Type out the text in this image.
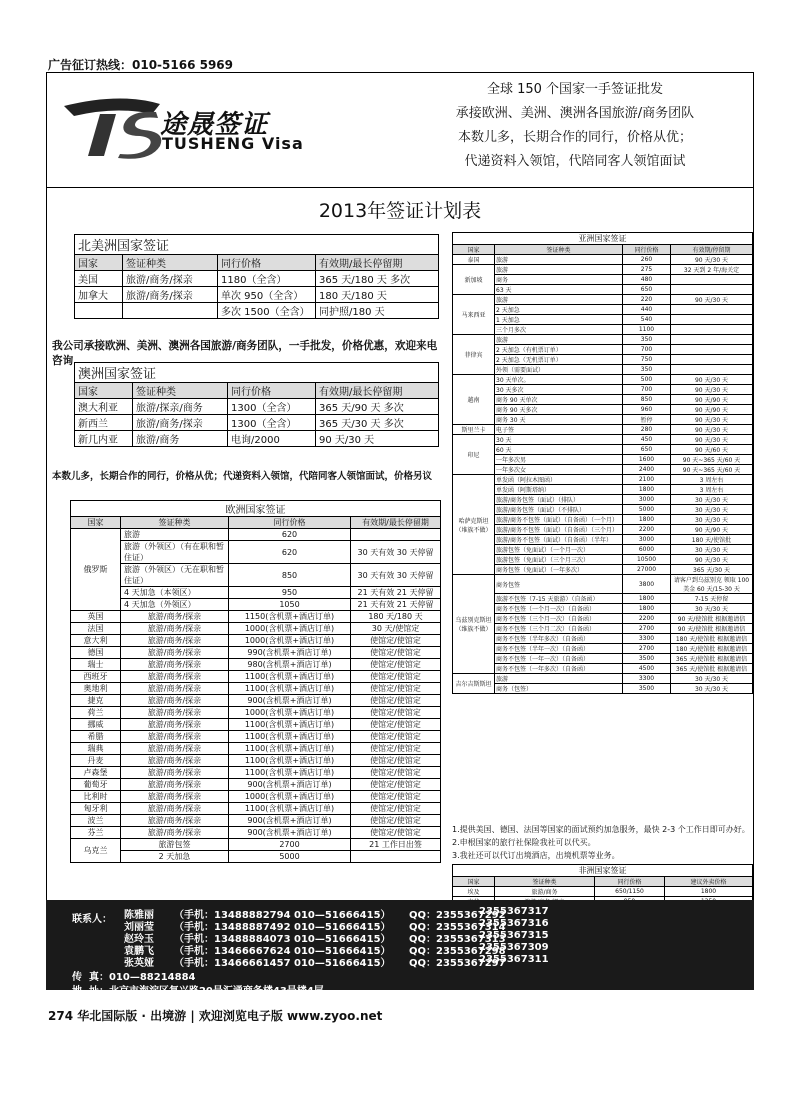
广告征订热线：010-5166 5969
途晟签证
TUSHENG Visa
全球 150 个国家一手签证批发
承接欧洲、美洲、澳洲各国旅游/商务团队
本数儿多，长期合作的同行，价格从优；
代递资料入领馆，代陪同客人领馆面试
2013年签证计划表
北美洲国家签证			
国家	签证种类	同行价格	有效期/最长停留期
美国	旅游/商务/探亲	1180（全含）	365 天/180 天 多次
加拿大	旅游/商务/探亲	单次 950（全含）	180 天/180 天
		多次 1500（全含）	同护照/180 天
我公司承接欧洲、美洲、澳洲各国旅游/商务团队，一手批发，价格优惠，欢迎来电咨询
澳洲国家签证			
国家	签证种类	同行价格	有效期/最长停留期
澳大利亚	旅游/探亲/商务	1300（全含）	365 天/90 天 多次
新西兰	旅游/商务/探亲	1300（全含）	365 天/30 天 多次
新几内亚	旅游/商务	电询/2000	90 天/30 天
本数儿多，长期合作的同行，价格从优；代递资料入领馆，代陪同客人领馆面试，价格另议
欧洲国家签证			
国家	签证种类	同行价格	有效期/最长停留期
俄罗斯	旅游	620	
	旅游（外领区）（有在职和暂住证）	620	30 天有效 30 天停留
	旅游（外领区）（无在职和暂住证）	850	30 天有效 30 天停留
	4 天加急（本领区）	950	21 天有效 21 天停留
	4 天加急（外领区）	1050	21 天有效 21 天停留
英国	旅游/商务/探亲	1150(含机票+酒店订单)	180 天/180 天
法国	旅游/商务/探亲	1000(含机票+酒店订单)	30 天/使馆定
意大利	旅游/商务/探亲	1000(含机票+酒店订单)	使馆定/使馆定
德国	旅游/商务/探亲	990(含机票+酒店订单)	使馆定/使馆定
瑞士	旅游/商务/探亲	980(含机票+酒店订单)	使馆定/使馆定
西班牙	旅游/商务/探亲	1100(含机票+酒店订单)	使馆定/使馆定
奥地利	旅游/商务/探亲	1100(含机票+酒店订单)	使馆定/使馆定
捷克	旅游/商务/探亲	900(含机票+酒店订单)	使馆定/使馆定
荷兰	旅游/商务/探亲	1000(含机票+酒店订单)	使馆定/使馆定
挪威	旅游/商务/探亲	1100(含机票+酒店订单)	使馆定/使馆定
希腊	旅游/商务/探亲	1100(含机票+酒店订单)	使馆定/使馆定
瑞典	旅游/商务/探亲	1100(含机票+酒店订单)	使馆定/使馆定
丹麦	旅游/商务/探亲	1100(含机票+酒店订单)	使馆定/使馆定
卢森堡	旅游/商务/探亲	1100(含机票+酒店订单)	使馆定/使馆定
葡萄牙	旅游/商务/探亲	900(含机票+酒店订单)	使馆定/使馆定
比利时	旅游/商务/探亲	1000(含机票+酒店订单)	使馆定/使馆定
匈牙利	旅游/商务/探亲	1100(含机票+酒店订单)	使馆定/使馆定
波兰	旅游/商务/探亲	900(含机票+酒店订单)	使馆定/使馆定
芬兰	旅游/商务/探亲	900(含机票+酒店订单)	使馆定/使馆定
乌克兰	旅游包签	2700	21 工作日出签
	2 天加急	5000	
亚洲国家签证			
国家	签证种类	同行价格	有效期/停留期
泰国	旅游	260	90 天/30 天
新加坡	旅游	275	32 天到 2 年/海关定
	商务	480	
	63 天	650	
马来西亚	旅游	220	90 天/30 天
	2 天加急	440	
	1 天加急	540	
	三个月多次	1100	
菲律宾	旅游	350	
	2 天加急（有机票订单）	700	
	2 天加急（无机票订单）	750	
	外领（需要面试）	350	
越南	30 天单次。	500	90 天/30 天
	30 天多次	700	90 天/30 天
	商务 90 天单次	850	90 天/90 天
	商务 90 天多次	960	90 天/90 天
	商务 30 天	暂停	90 天/30 天
斯里兰卡	电子签	280	90 天/30 天
印尼	30 天	450	90 天/30 天
	60 天	650	90 天/60 天
	一年多次男	1600	90 天~365 天/60 天
	一年多次女	2400	90 天~365 天/60 天
哈萨克斯坦（堆族不做）	单发函（阿拉木图函）	2100	3 周左右
	单发函（阿斯塔纳）	1800	3 周左右
	旅游/商务包签（面试）（排队）	3000	30 天/30 天
	旅游/商务包签（面试）（不排队）	5000	30 天/30 天
	旅游/商务不包签（面试）（自备函）（一个月）	1800	30 天/30 天
	旅游/商务不包签（面试）（自备函）（三个月）	2200	90 天/90 天
	旅游/商务不包签（面试）（自备函）（半年）	3000	180 天/使馆批
	旅游包签（免面试）（一个月一次）	6000	30 天/30 天
	旅游包签（免面试）（三个月三次）	10500	90 天/30 天
	商务包签（免面试）（一年多次）	27000	365 天/30 天
乌兹别克斯坦（维族不做）	商务包签	3800	请客户到乌兹别克 领取 100 美金 60 天/15-30 天
	旅游不包签（7-15 天旅游）（自备函）	1800	7-15 天停留
	商务不包签（一个月一次）（自备函）	1800	30 天/30 天
	商务不包签（三个月一次）（自备函）	2200	90 天/使馆批 根据邀请信
	商务不包签（三个月二次）（自备函）	2700	90 天/使馆批 根据邀请信
	商务不包签（半年多次）（自备函）	3300	180 天/使馆批 根据邀请信
	商务不包签（半年一次）（自备函）	2700	180 天/使馆批 根据邀请信
	商务不包签（一年一次）（自备函）	3500	365 天/使馆批 根据邀请信
	商务不包签（一年多次）（自备函）	4500	365 天/使馆批 根据邀请信
吉尔吉斯斯坦	旅游	3300	30 天/30 天
	商务（包签）	3500	30 天/30 天
1.提供美国、德国、法国等国家的面试预约加急服务，最快 2-3 个工作日即可办好。
2.申根国家的旅行社保险我社可以代买。
3.我社还可以代订出境酒店，出境机票等业务。
非洲国家签证			
国家	签证种类	同行价格	建议外卖价格
埃及	旅游/商务	650/1150	1800

联系人： 陈雅丽 （手机：13488882794 010—51666415） QQ：2355367292
2355367317
刘丽莹 （手机：13488887492 010—51666415） QQ：2355367314
2355367316
赵玲玉 （手机：13488884073 010—51666415） QQ：2355367313
2355367315
袁鹏飞 （手机：13466667624 010—51666415） QQ：2355367298
2355367309
张英娅 （手机：13466661457 010—51666415） QQ：2355367297
2355367311
传  真：010—88214884
地  址：北京市海淀区复兴路20号汇通商务楼43号楼4层
274 华北国际版 · 出境游 | 欢迎浏览电子版 www.zyoo.net
